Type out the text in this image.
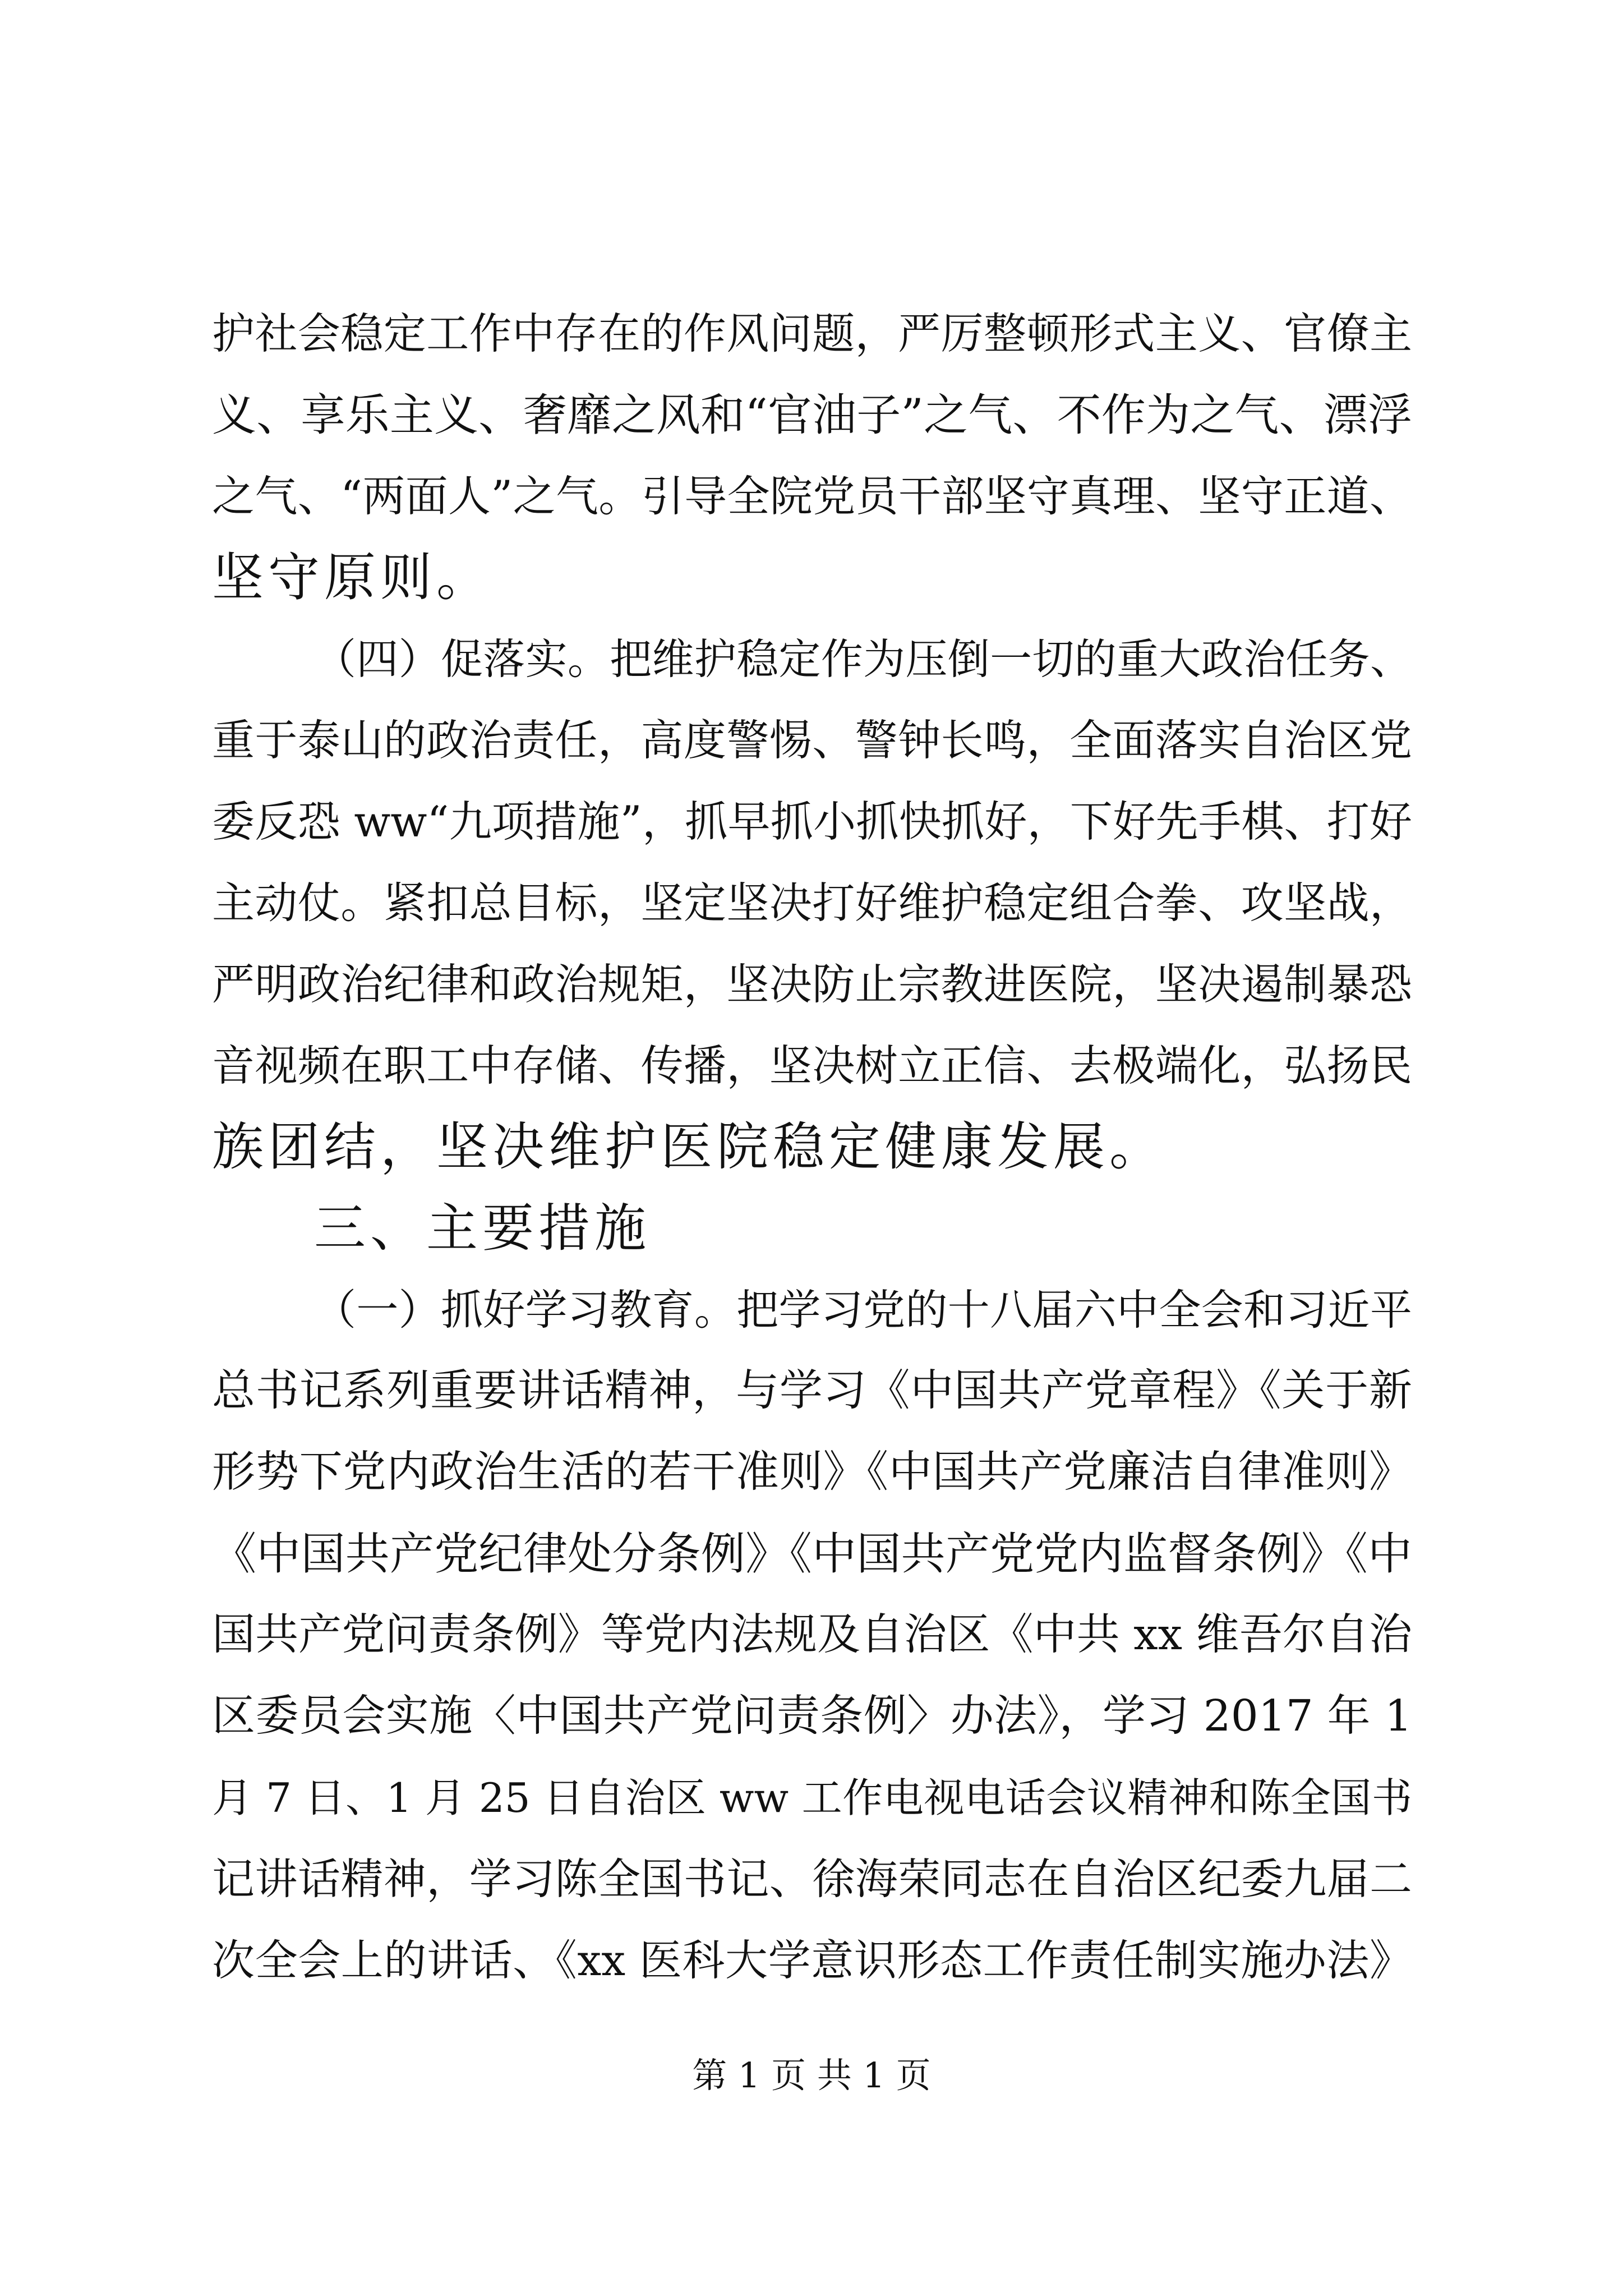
护社会稳定工作中存在的作风问题，严厉整顿形式主义、官僚主
义、享乐主义、奢靡之风和“官油子”之气、不作为之气、漂浮
之气、“两面人”之气。引导全院党员干部坚守真理、坚守正道、
坚守原则。
（四）促落实。把维护稳定作为压倒一切的重大政治任务、
重于泰山的政治责任，高度警惕、警钟长鸣，全面落实自治区党
委反恐 ww“九项措施”，抓早抓小抓快抓好，下好先手棋、打好
主动仗。紧扣总目标，坚定坚决打好维护稳定组合拳、攻坚战，
严明政治纪律和政治规矩，坚决防止宗教进医院，坚决遏制暴恐
音视频在职工中存储、传播，坚决树立正信、去极端化，弘扬民
族团结，坚决维护医院稳定健康发展。
三、主要措施
（一）抓好学习教育。把学习党的十八届六中全会和习近平
总书记系列重要讲话精神，与学习《中国共产党章程》《关于新
形势下党内政治生活的若干准则》《中国共产党廉洁自律准则》
《中国共产党纪律处分条例》《中国共产党党内监督条例》《中
国共产党问责条例》等党内法规及自治区《中共 xx 维吾尔自治
区委员会实施〈中国共产党问责条例〉办法》，学习 2017 年 1
月 7 日、1 月 25 日自治区 ww 工作电视电话会议精神和陈全国书
记讲话精神，学习陈全国书记、徐海荣同志在自治区纪委九届二
次全会上的讲话、《xx 医科大学意识形态工作责任制实施办法》
第 1 页 共 1 页
